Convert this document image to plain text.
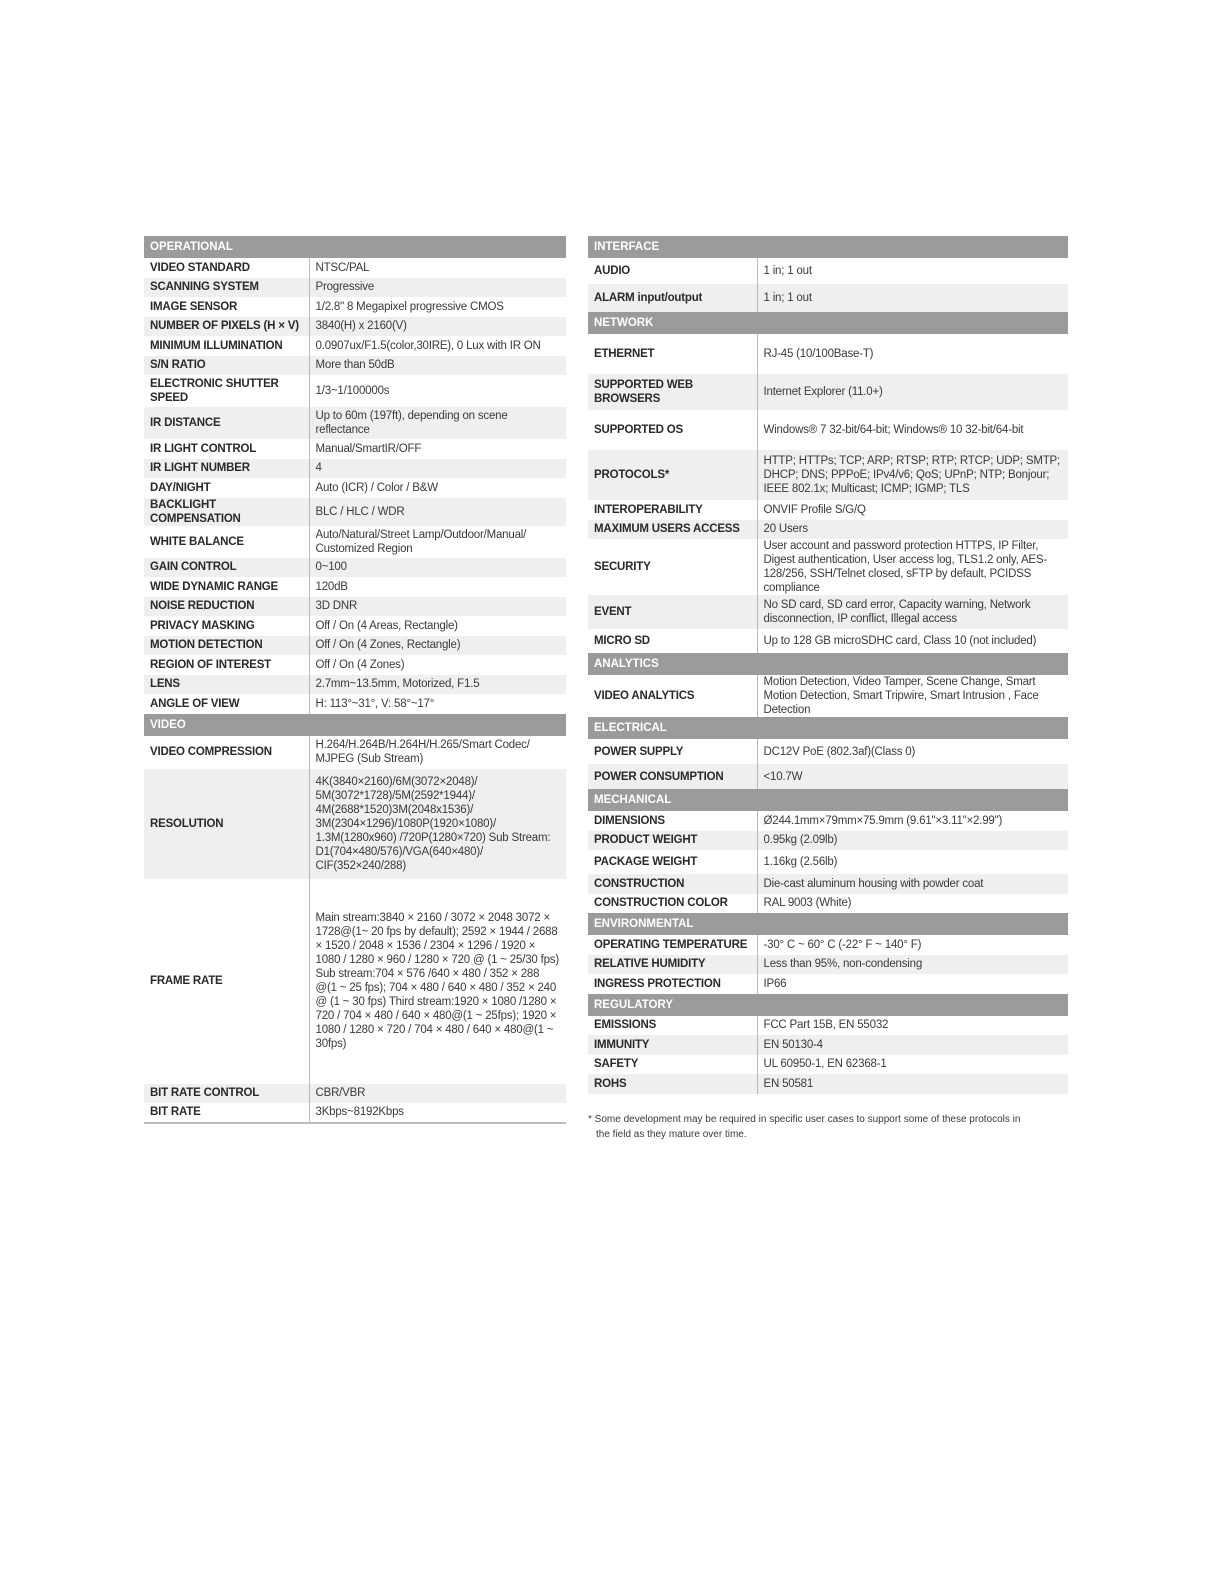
OPERATIONAL	
VIDEO STANDARD	NTSC/PAL
SCANNING SYSTEM	Progressive
IMAGE SENSOR	1/2.8" 8 Megapixel progressive CMOS
NUMBER OF PIXELS (H × V)	3840(H) x 2160(V)
MINIMUM ILLUMINATION	0.0907ux/F1.5(color,30IRE), 0 Lux with IR ON
S/N RATIO	More than 50dB
ELECTRONIC SHUTTER SPEED	1/3~1/100000s
IR DISTANCE	Up to 60m (197ft), depending on scene reflectance
IR LIGHT CONTROL	Manual/SmartIR/OFF
IR LIGHT NUMBER	4
DAY/NIGHT	Auto (ICR) / Color / B&W
BACKLIGHT COMPENSATION	BLC / HLC / WDR
WHITE BALANCE	Auto/Natural/Street Lamp/Outdoor/Manual/ Customized Region
GAIN CONTROL	0~100
WIDE DYNAMIC RANGE	120dB
NOISE REDUCTION	3D DNR
PRIVACY MASKING	Off / On (4 Areas, Rectangle)
MOTION DETECTION	Off / On (4 Zones, Rectangle)
REGION OF INTEREST	Off / On (4 Zones)
LENS	2.7mm~13.5mm, Motorized, F1.5
ANGLE OF VIEW	H: 113°~31°, V: 58°~17°
VIDEO	
VIDEO COMPRESSION	H.264/H.264B/H.264H/H.265/Smart Codec/ MJPEG (Sub Stream)
RESOLUTION	4K(3840×2160)/6M(3072×2048)/ 5M(3072*1728)/5M(2592*1944)/ 4M(2688*1520)3M(2048x1536)/ 3M(2304×1296)/1080P(1920×1080)/ 1.3M(1280x960) /720P(1280×720) Sub Stream: D1(704×480/576)/VGA(640×480)/ CIF(352×240/288)
FRAME RATE	Main stream:3840 × 2160 / 3072 × 2048 3072 × 1728@(1~ 20 fps by default); 2592 × 1944 / 2688 × 1520 / 2048 × 1536 / 2304 × 1296 / 1920 × 1080 / 1280 × 960 / 1280 × 720 @ (1 ~ 25/30 fps) Sub stream:704 × 576 /640 × 480 / 352 × 288 @(1 ~ 25 fps); 704 × 480 / 640 × 480 / 352 × 240 @ (1 ~ 30 fps) Third stream:1920 × 1080 /1280 × 720 / 704 × 480 / 640 × 480@(1 ~ 25fps); 1920 × 1080 / 1280 × 720 / 704 × 480 / 640 × 480@(1 ~ 30fps)
BIT RATE CONTROL	CBR/VBR
BIT RATE	3Kbps~8192Kbps
INTERFACE	
AUDIO	1 in; 1 out
ALARM input/output	1 in; 1 out
NETWORK	
ETHERNET	RJ-45 (10/100Base-T)
SUPPORTED WEB BROWSERS	Internet Explorer (11.0+)
SUPPORTED OS	Windows® 7 32-bit/64-bit; Windows® 10 32-bit/64-bit
PROTOCOLS*	HTTP; HTTPs; TCP; ARP; RTSP; RTP; RTCP; UDP; SMTP; DHCP; DNS; PPPoE; IPv4/v6; QoS; UPnP; NTP; Bonjour; IEEE 802.1x; Multicast; ICMP; IGMP; TLS
INTEROPERABILITY	ONVIF Profile S/G/Q
MAXIMUM USERS ACCESS	20 Users
SECURITY	User account and password protection HTTPS, IP Filter, Digest authentication, User access log, TLS1.2 only, AES-128/256, SSH/Telnet closed, sFTP by default, PCIDSS compliance
EVENT	No SD card, SD card error, Capacity warning, Network disconnection, IP conflict, Illegal access
MICRO SD	Up to 128 GB microSDHC card, Class 10 (not included)
ANALYTICS	
VIDEO ANALYTICS	Motion Detection, Video Tamper, Scene Change, Smart Motion Detection, Smart Tripwire, Smart Intrusion , Face Detection
ELECTRICAL	
POWER SUPPLY	DC12V PoE (802.3af)(Class 0)
POWER CONSUMPTION	<10.7W
MECHANICAL	
DIMENSIONS	Ø244.1mm×79mm×75.9mm (9.61"×3.11"×2.99")
PRODUCT WEIGHT	0.95kg (2.09lb)
PACKAGE WEIGHT	1.16kg (2.56lb)
CONSTRUCTION	Die-cast aluminum housing with powder coat
CONSTRUCTION COLOR	RAL 9003 (White)
ENVIRONMENTAL	
OPERATING TEMPERATURE	-30° C ~ 60° C (-22° F ~ 140° F)
RELATIVE HUMIDITY	Less than 95%, non-condensing
INGRESS PROTECTION	IP66
REGULATORY	
EMISSIONS	FCC Part 15B, EN 55032
IMMUNITY	EN 50130-4
SAFETY	UL 60950-1, EN 62368-1
ROHS	EN 50581
* Some development may be required in specific user cases to support some of these protocols in the field as they mature over time.
